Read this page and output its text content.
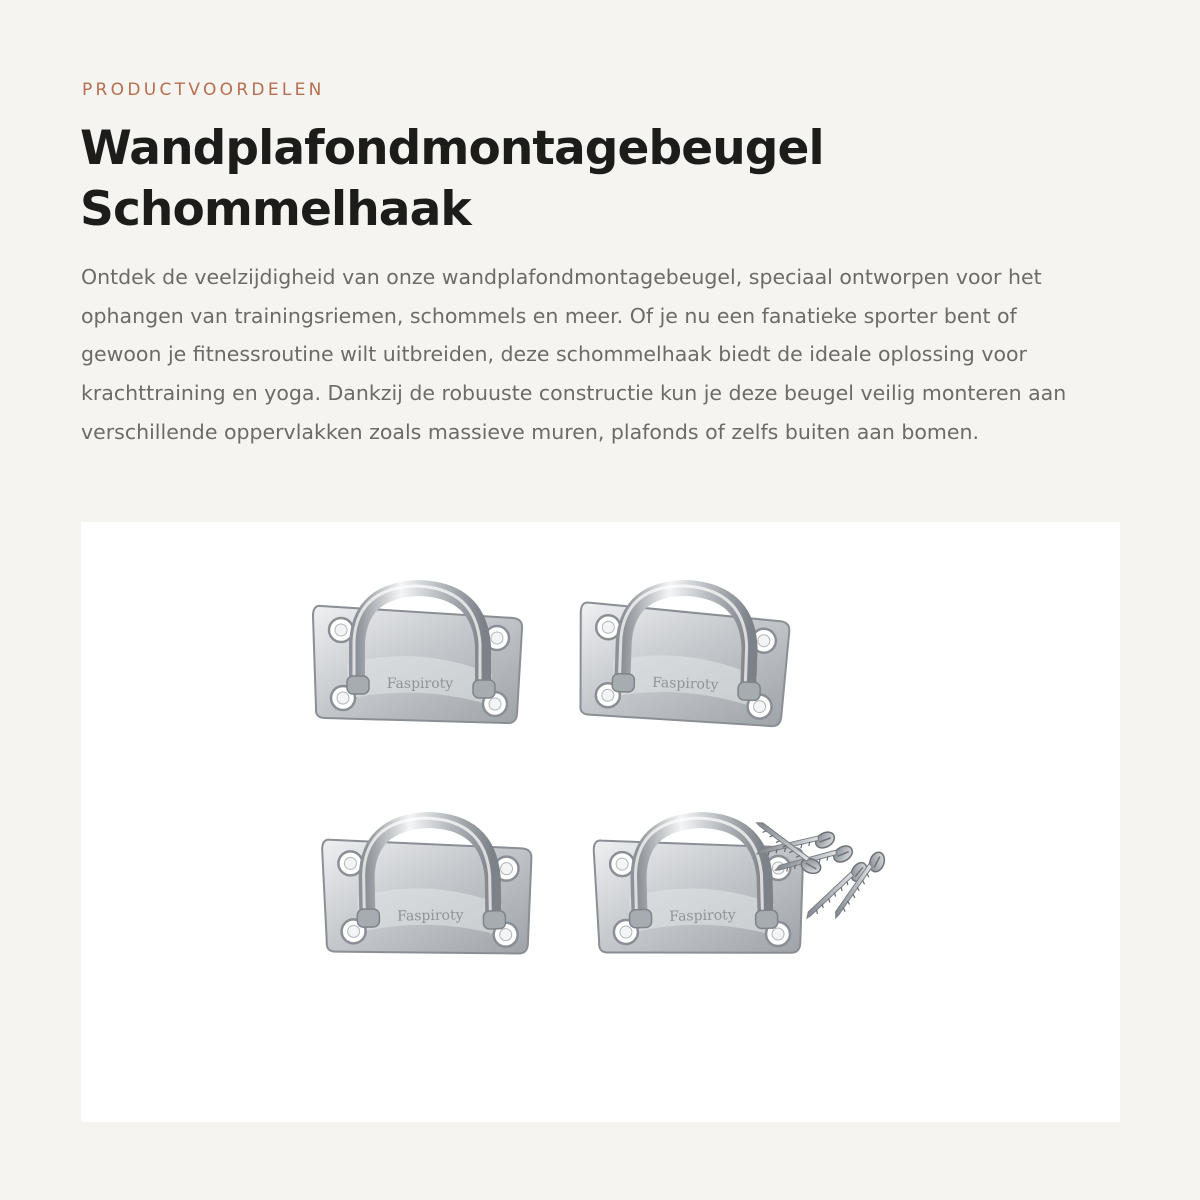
PRODUCTVOORDELEN
Wandplafondmontagebeugel Schommelhaak

Ontdek de veelzijdigheid van onze wandplafondmontagebeugel, speciaal ontworpen voor het ophangen van trainingsriemen, schommels en meer. Of je nu een fanatieke sporter bent of gewoon je fitnessroutine wilt uitbreiden, deze schommelhaak biedt de ideale oplossing voor krachttraining en yoga. Dankzij de robuuste constructie kun je deze beugel veilig monteren aan verschillende oppervlakken zoals massieve muren, plafonds of zelfs buiten aan bomen.

Faspiroty
